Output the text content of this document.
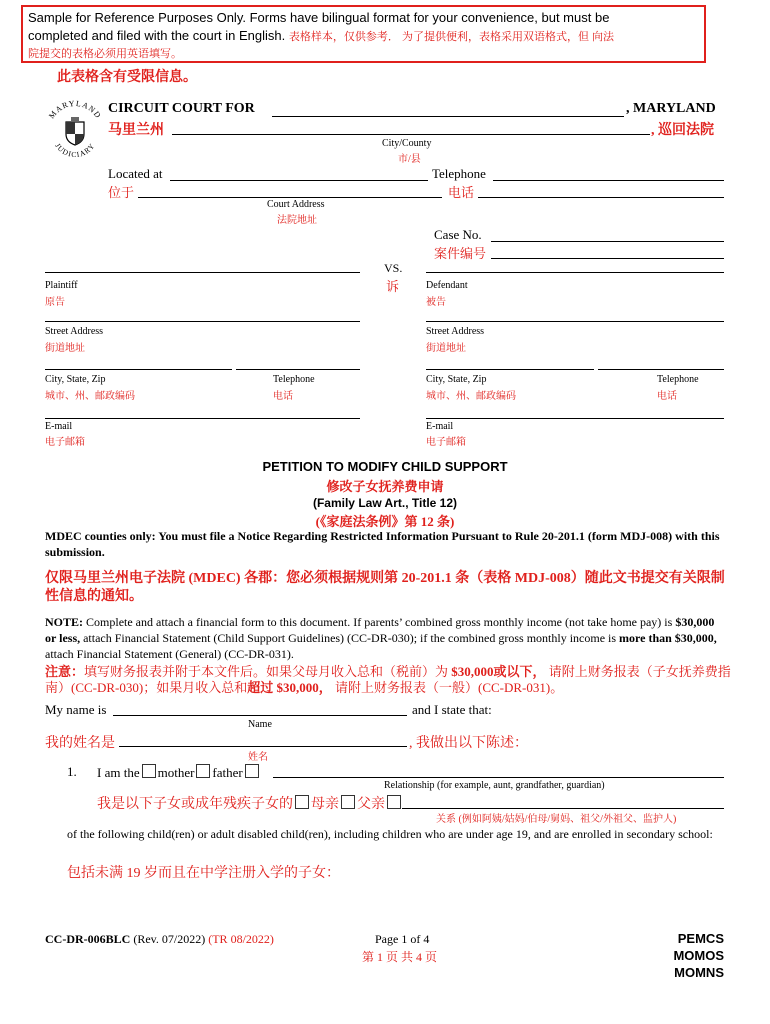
Sample for Reference Purposes Only. Forms have bilingual format for your convenience, but must be
completed and filed with the court in English. 表格样本，仅供参考． 为了提供便利，表格采用双语格式，但 向法
院提交的表格必须用英语填写。
此表格含有受限信息。
MARYLAND
JUDICIARY
CIRCUIT COURT FOR	, MARYLAND
马里兰州	, 巡回法院
City/County
市/县
Located at
位于
Telephone
电话
Court Address
法院地址
Case No.
案件编号
VS.
诉
Plaintiff
原告
Defendant
被告
Street Address
街道地址
Street Address
街道地址
City, State, Zip
城市、州、邮政编码
Telephone
电话
City, State, Zip
城市、州、邮政编码
Telephone
电话
E-mail
电子邮箱
E-mail
电子邮箱
PETITION TO MODIFY CHILD SUPPORT
修改子女抚养费申请
(Family Law Art., Title 12)
(《家庭法条例》第 12 条)
MDEC counties only: You must file a Notice Regarding Restricted Information Pursuant to Rule 20-201.1 (form MDJ-008) with this submission.
仅限马里兰州电子法院 (MDEC) 各郡：您必须根据规则第 20-201.1 条（表格 MDJ-008）随此文书提交有关限制性信息的通知。
NOTE: Complete and attach a financial form to this document. If parents’ combined gross monthly income (not take home pay) is $30,000 or less, attach Financial Statement (Child Support Guidelines) (CC-DR-030); if the combined gross monthly income is more than $30,000, attach Financial Statement (General) (CC-DR-031).
注意：填写财务报表并附于本文件后。如果父母月收入总和（税前）为 $30,000或以下， 请附上财务报表（子女抚养费指南）(CC-DR-030)；如果月收入总和超过 $30,000， 请附上财务报表（一般）(CC-DR-031)。
My name is	and I state that:
Name
我的姓名是	, 我做出以下陈述：
姓名
1. I am the mother father
Relationship (for example, aunt, grandfather, guardian)
我是以下子女或成年残疾子女的 母亲 父亲
关系 (例如阿姨/姑妈/伯母/舅妈、祖父/外祖父、监护人)
of the following child(ren) or adult disabled child(ren), including children who are under age 19, and are enrolled in secondary school:
包括未满 19 岁而且在中学注册入学的子女：
CC-DR-006BLC (Rev. 07/2022) (TR 08/2022)	Page 1 of 4
第 1 页 共 4 页
PEMCS
MOMOS
MOMNS
